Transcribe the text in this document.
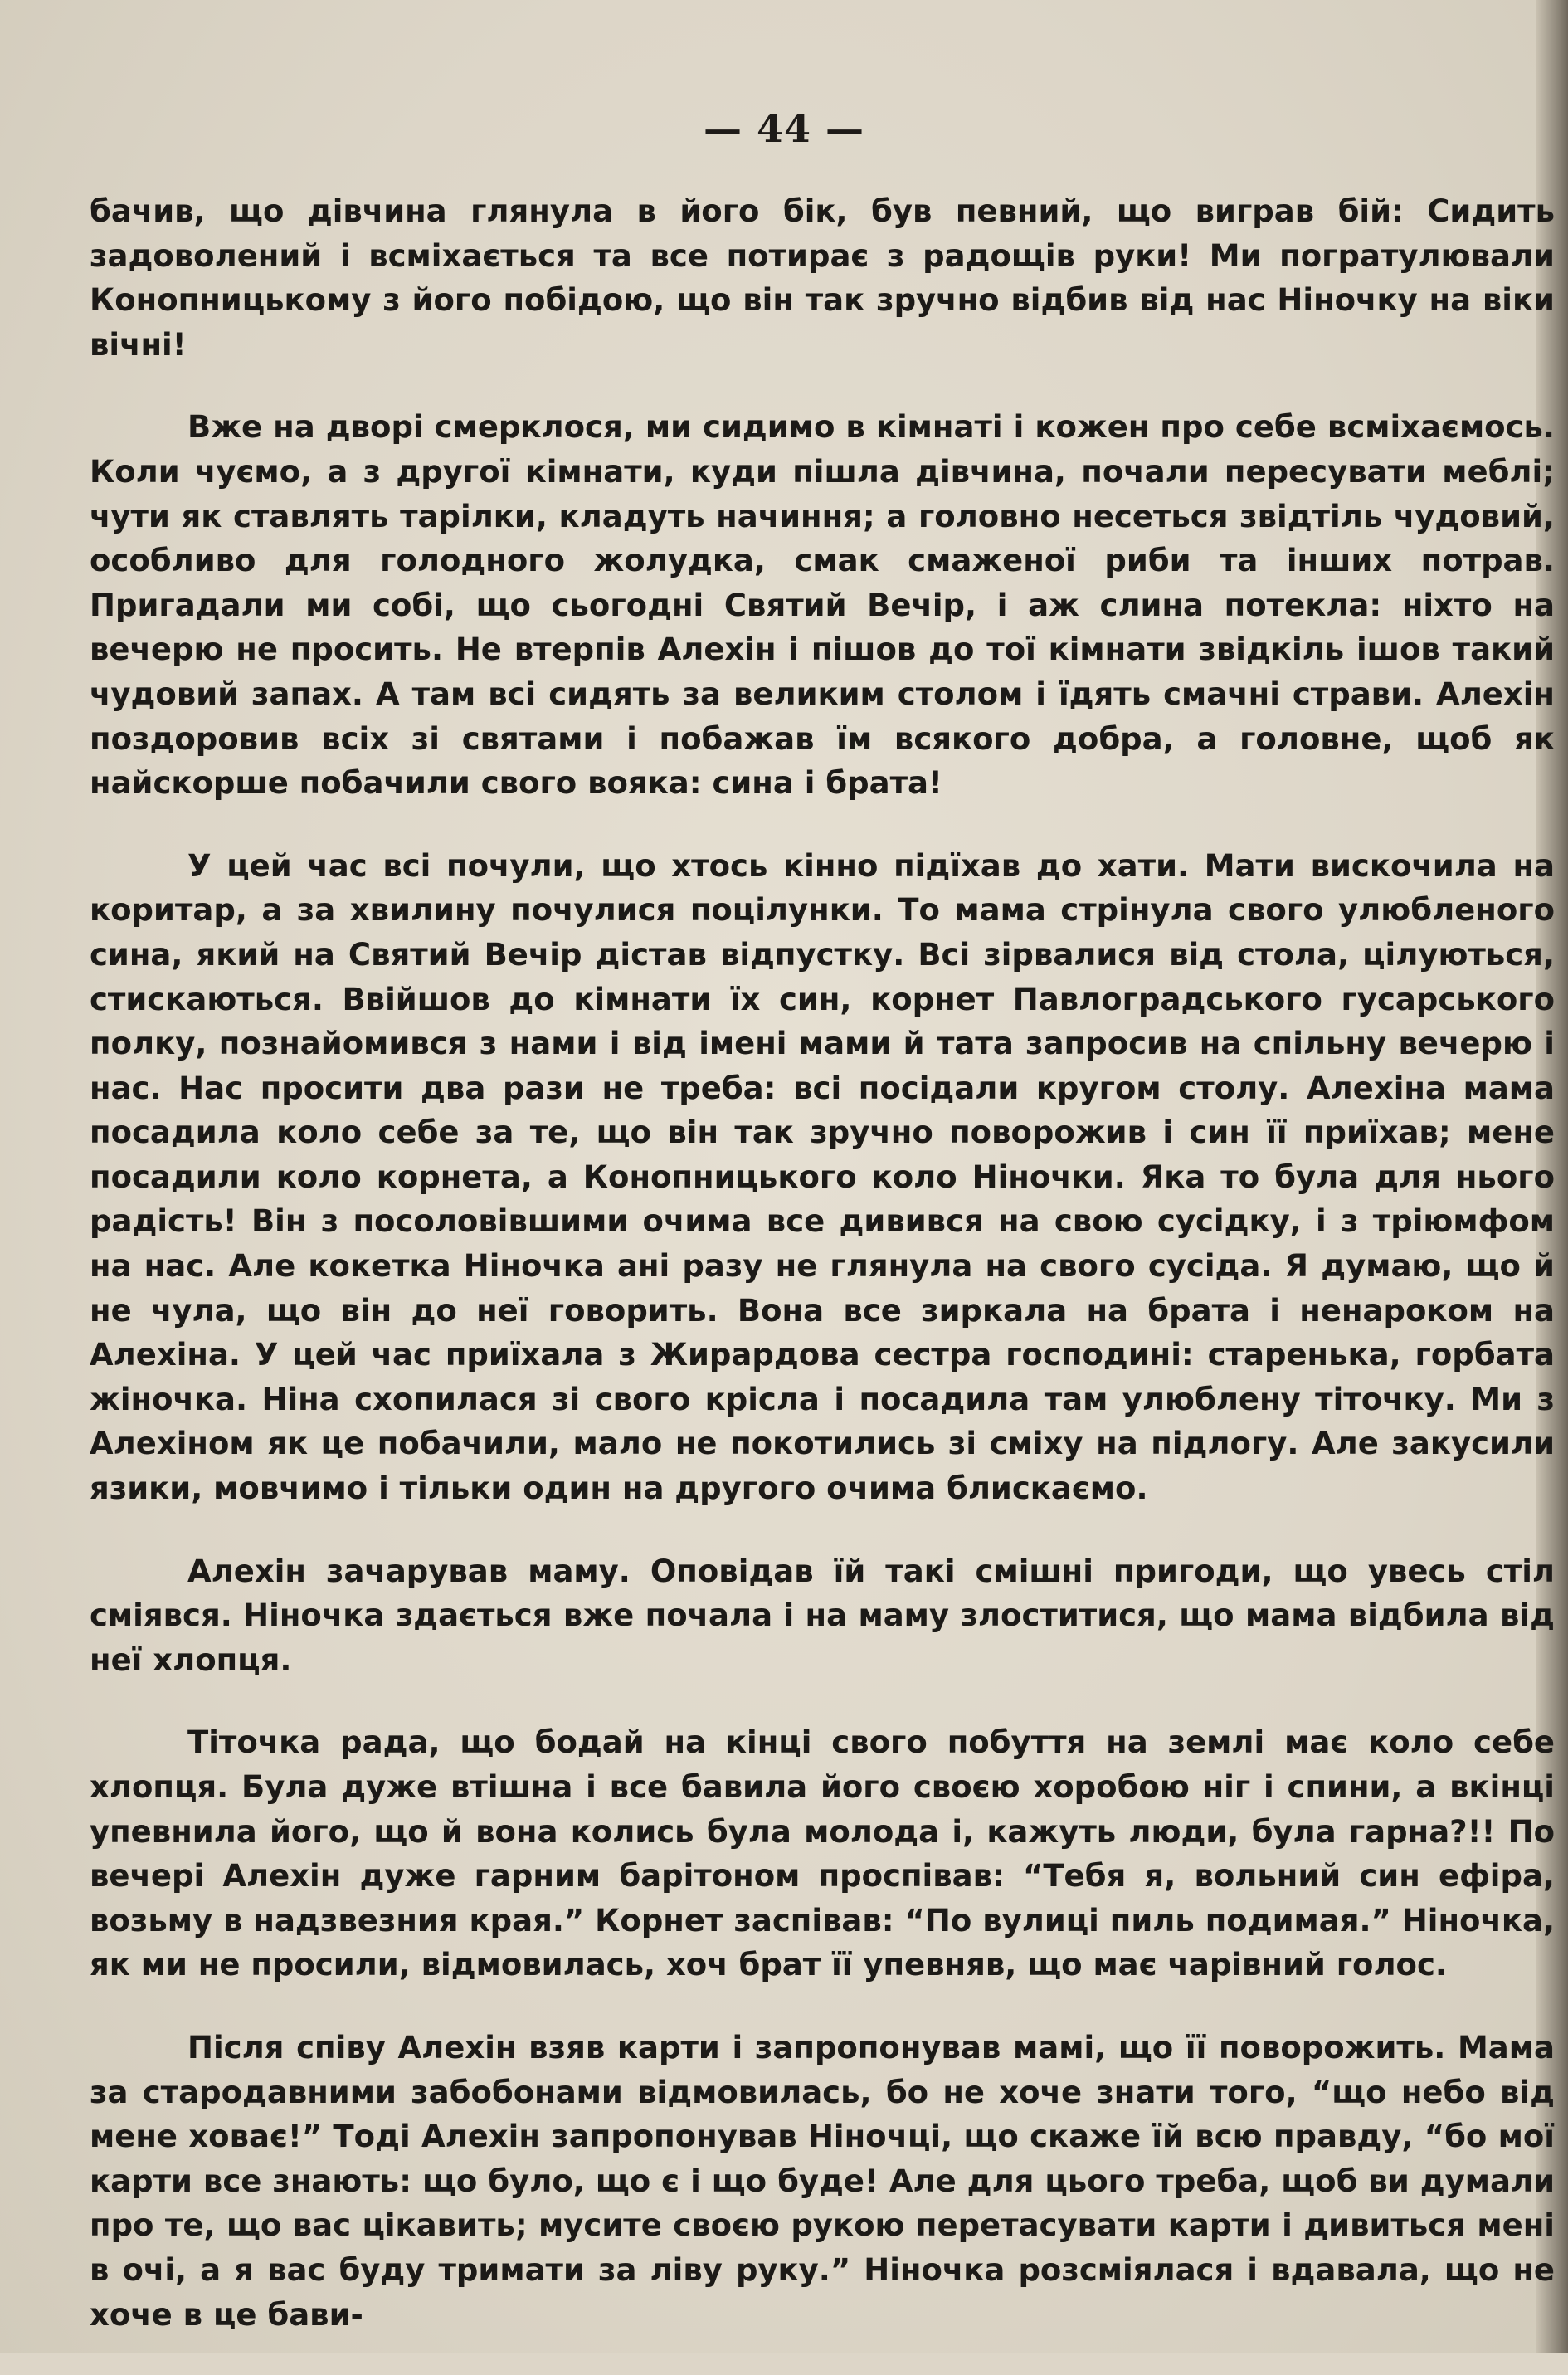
— 44 —

бачив, що дівчина глянула в його бік, був певний, що виграв бій: Сидить задоволений і всміхається та все потирає з радощів руки! Ми погратулювали Конопницькому з його побідою, що він так зручно відбив від нас Ніночку на віки вічні!

Вже на дворі смерклося, ми сидимо в кімнаті і кожен про себе всміхаємось. Коли чуємо, а з другої кімнати, куди пішла дівчина, почали пересувати меблі; чути як ставлять тарілки, кладуть начиння; а головно несеться звідтіль чудовий, особливо для голодного жолудка, смак смаженої риби та інших потрав. Пригадали ми собі, що сьогодні Святий Вечір, і аж слина потекла: ніхто на вечерю не просить. Не втерпів Алехін і пішов до тої кімнати звідкіль ішов такий чудовий запах. А там всі сидять за великим столом і їдять смачні страви. Алехін поздоровив всіх зі святами і побажав їм всякого добра, а головне, щоб як найскорше побачили свого вояка: сина і брата!

У цей час всі почули, що хтось кінно підїхав до хати. Мати вискочила на коритар, а за хвилину почулися поцілунки. То мама стрінула свого улюбленого сина, який на Святий Вечір дістав відпустку. Всі зірвалися від стола, цілуються, стискаються. Ввійшов до кімнати їх син, корнет Павлоградського гусарського полку, познайомився з нами і від імені мами й тата запросив на спільну вечерю і нас. Нас просити два рази не треба: всі посідали кругом столу. Алехіна мама посадила коло себе за те, що він так зручно поворожив і син її приїхав; мене посадили коло корнета, а Конопницького коло Ніночки. Яка то була для нього радість! Він з посоловівшими очима все дивився на свою сусідку, і з тріюмфом на нас. Але кокетка Ніночка ані разу не глянула на свого сусіда. Я думаю, що й не чула, що він до неї говорить. Вона все зиркала на брата і ненароком на Алехіна. У цей час приїхала з Жирардова сестра господині: старенька, горбата жіночка. Ніна схопилася зі свого крісла і посадила там улюблену тіточку. Ми з Алехіном як це побачили, мало не покотились зі сміху на підлогу. Але закусили язики, мовчимо і тільки один на другого очима блискаємо.

Алехін зачарував маму. Оповідав їй такі смішні пригоди, що увесь стіл сміявся. Ніночка здається вже почала і на маму злоститися, що мама відбила від неї хлопця.

Тіточка рада, що бодай на кінці свого побуття на землі має коло себе хлопця. Була дуже втішна і все бавила його своєю хоробою ніг і спини, а вкінці упевнила його, що й вона колись була молода і, кажуть люди, була гарна?!! По вечері Алехін дуже гарним барітоном проспівав: “Тебя я, вольний син ефіра, возьму в надзвезния края.” Корнет заспівав: “По вулиці пиль подимая.” Ніночка, як ми не просили, відмовилась, хоч брат її упевняв, що має чарівний голос.

Після співу Алехін взяв карти і запропонував мамі, що її поворожить. Мама за стародавними забобонами відмовилась, бо не хоче знати того, “що небо від мене ховає!” Тоді Алехін запропонував Ніночці, що скаже їй всю правду, “бо мої карти все знають: що було, що є і що буде! Але для цього треба, щоб ви думали про те, що вас цікавить; мусите своєю рукою перетасувати карти і дивиться мені в очі, а я вас буду тримати за ліву руку.” Ніночка розсміялася і вдавала, що не хоче в це бави-
